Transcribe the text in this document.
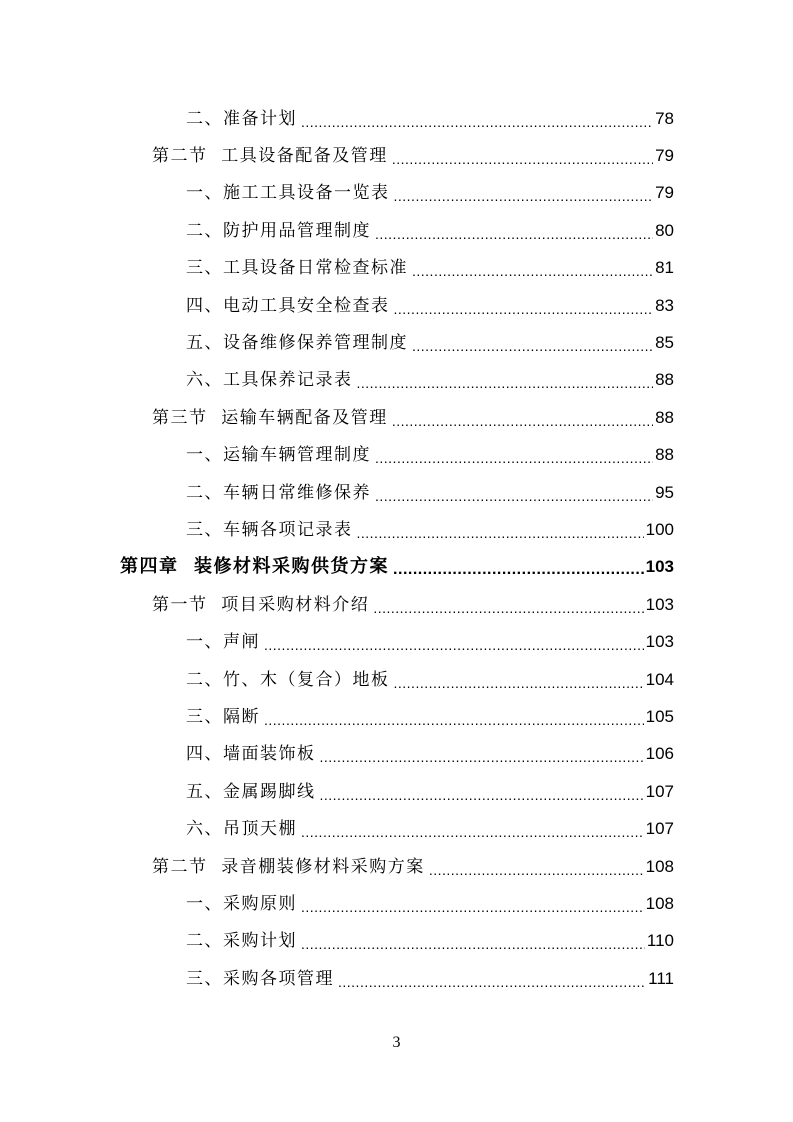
二、准备计划 .....	78
第二节  工具设备配备及管理 .....	79
一、施工工具设备一览表 .....	79
二、防护用品管理制度 .....	80
三、工具设备日常检查标准 .....	81
四、电动工具安全检查表 .....	83
五、设备维修保养管理制度 .....	85
六、工具保养记录表 .....	88
第三节  运输车辆配备及管理 .....	88
一、运输车辆管理制度 .....	88
二、车辆日常维修保养 .....	95
三、车辆各项记录表 .....	100
第四章  装修材料采购供货方案 .....	103
第一节  项目采购材料介绍 .....	103
一、声闸 .....	103
二、竹、木（复合）地板 .....	104
三、隔断 .....	105
四、墙面装饰板 .....	106
五、金属踢脚线 .....	107
六、吊顶天棚 .....	107
第二节  录音棚装修材料采购方案 .....	108
一、采购原则 .....	108
二、采购计划 .....	110
三、采购各项管理 .....	111
3
